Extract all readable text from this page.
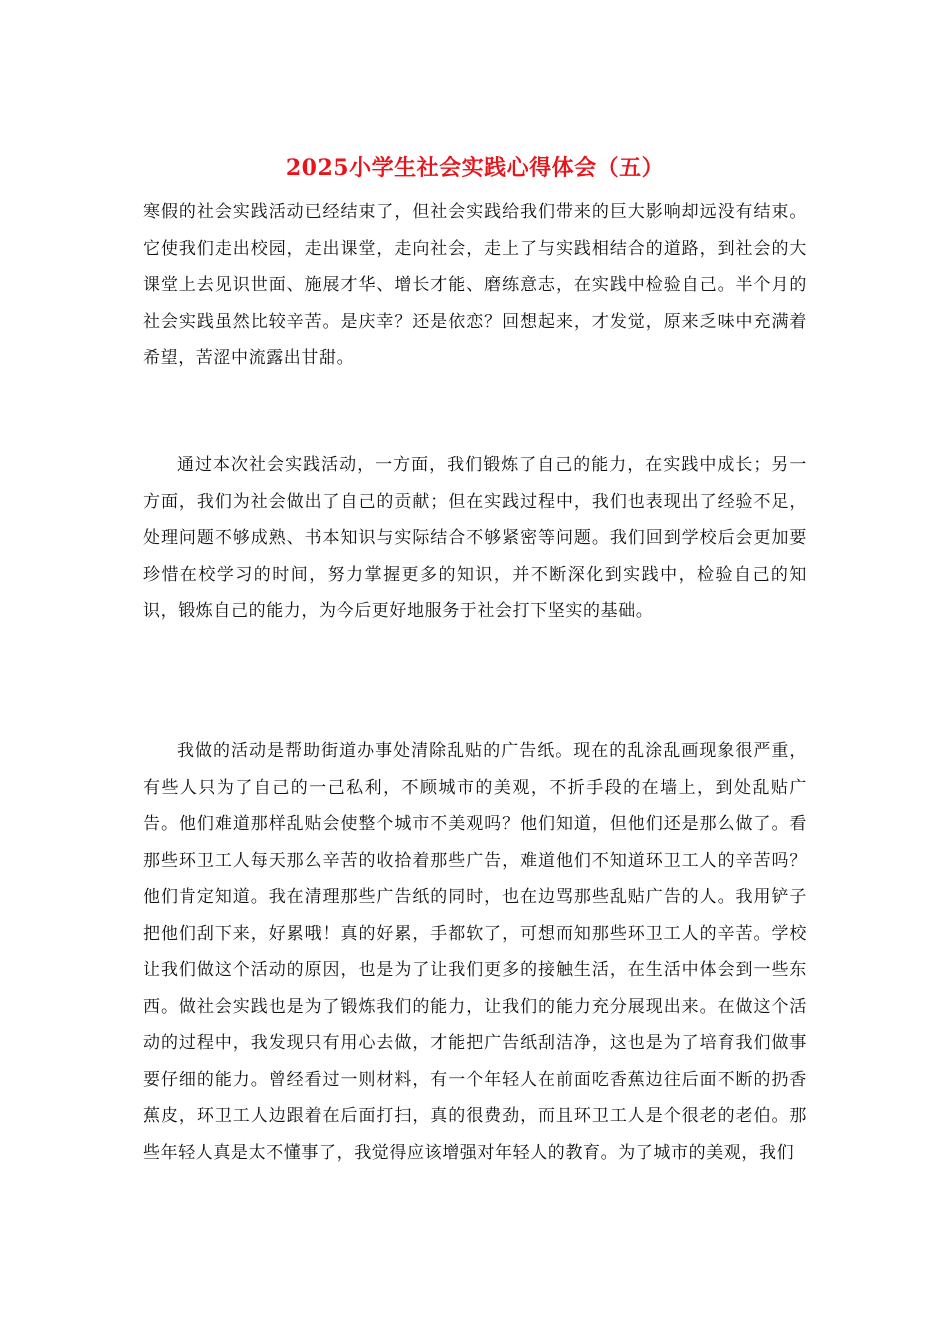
2025小学生社会实践心得体会（五）

寒假的社会实践活动已经结束了，但社会实践给我们带来的巨大影响却远没有结束。它使我们走出校园，走出课堂，走向社会，走上了与实践相结合的道路，到社会的大课堂上去见识世面、施展才华、增长才能、磨练意志，在实践中检验自己。半个月的社会实践虽然比较辛苦。是庆幸？还是依恋？回想起来，才发觉，原来乏味中充满着希望，苦涩中流露出甘甜。

通过本次社会实践活动，一方面，我们锻炼了自己的能力，在实践中成长；另一方面，我们为社会做出了自己的贡献；但在实践过程中，我们也表现出了经验不足，处理问题不够成熟、书本知识与实际结合不够紧密等问题。我们回到学校后会更加要珍惜在校学习的时间，努力掌握更多的知识，并不断深化到实践中，检验自己的知识，锻炼自己的能力，为今后更好地服务于社会打下坚实的基础。

我做的活动是帮助街道办事处清除乱贴的广告纸。现在的乱涂乱画现象很严重，有些人只为了自己的一己私利，不顾城市的美观，不折手段的在墙上，到处乱贴广告。他们难道那样乱贴会使整个城市不美观吗？他们知道，但他们还是那么做了。看那些环卫工人每天那么辛苦的收拾着那些广告，难道他们不知道环卫工人的辛苦吗？他们肯定知道。我在清理那些广告纸的同时，也在边骂那些乱贴广告的人。我用铲子把他们刮下来，好累哦！真的好累，手都软了，可想而知那些环卫工人的辛苦。学校让我们做这个活动的原因，也是为了让我们更多的接触生活，在生活中体会到一些东西。做社会实践也是为了锻炼我们的能力，让我们的能力充分展现出来。在做这个活动的过程中，我发现只有用心去做，才能把广告纸刮洁净，这也是为了培育我们做事要仔细的能力。曾经看过一则材料，有一个年轻人在前面吃香蕉边往后面不断的扔香蕉皮，环卫工人边跟着在后面打扫，真的很费劲，而且环卫工人是个很老的老伯。那些年轻人真是太不懂事了，我觉得应该增强对年轻人的教育。为了城市的美观，我们
